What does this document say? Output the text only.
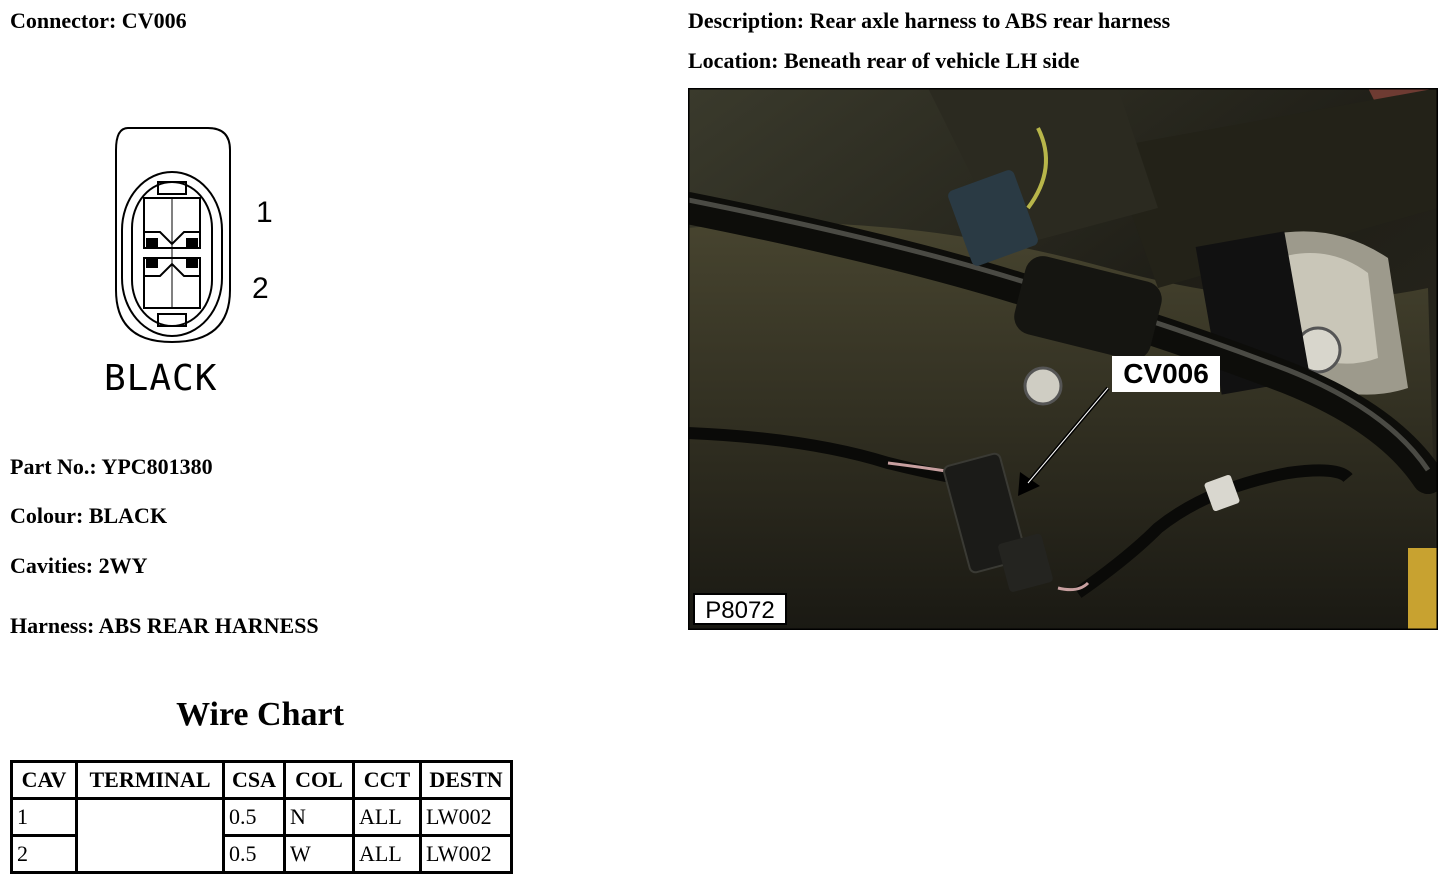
Connector: CV006	Description: Rear axle harness to ABS rear harness
Location: Beneath rear of vehicle LH side
1
2
BLACK
Part No.: YPC801380
Colour: BLACK
Cavities: 2WY
Harness: ABS REAR HARNESS
CV006
P8072
Wire Chart
CAV	TERMINAL	CSA	COL	CCT	DESTN
1		0.5	N	ALL	LW002
2		0.5	W	ALL	LW002
